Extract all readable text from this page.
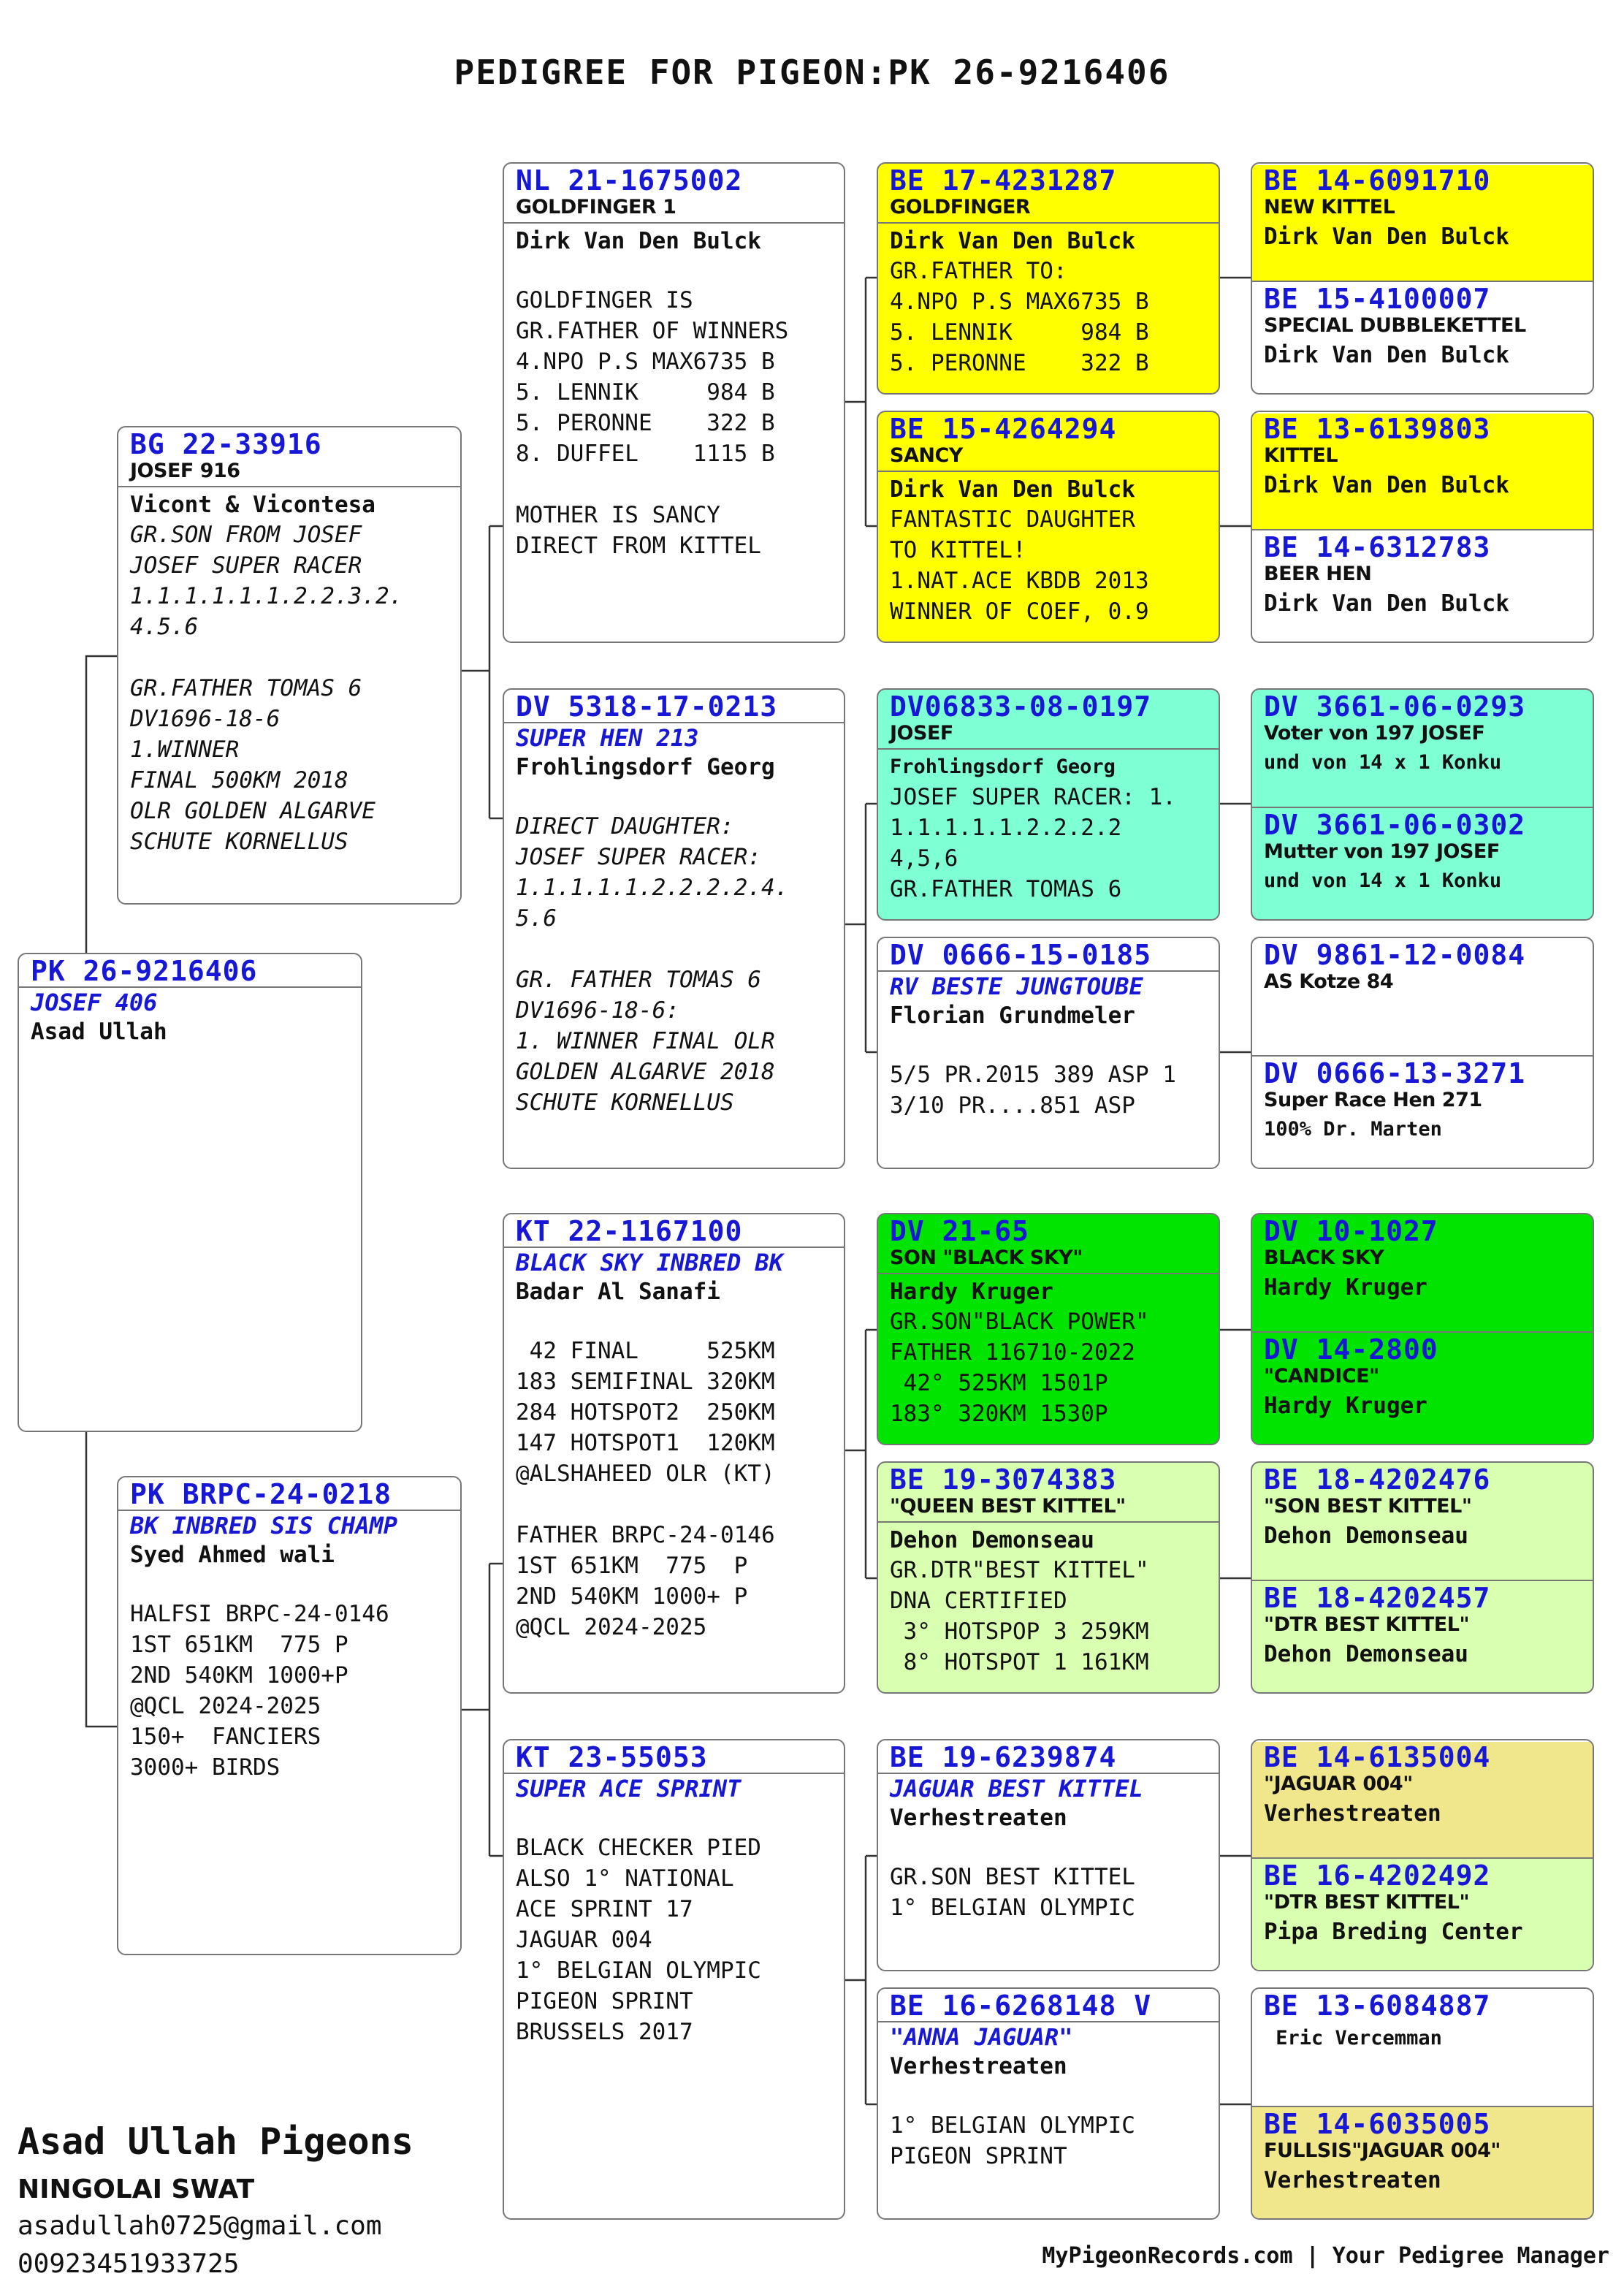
PEDIGREE FOR PIGEON:PK 26-9216406
PK 26-9216406
JOSEF 406
Asad Ullah
BG 22-33916
JOSEF 916
Vicont & Vicontesa
GR.SON FROM JOSEF
JOSEF SUPER RACER
1.1.1.1.1.1.2.2.3.2.
4.5.6

GR.FATHER TOMAS 6
DV1696-18-6
1.WINNER
FINAL 500KM 2018
OLR GOLDEN ALGARVE
SCHUTE KORNELLUS
PK BRPC-24-0218
BK INBRED SIS CHAMP
Syed Ahmed wali
HALFSI BRPC-24-0146
1ST 651KM  775 P
2ND 540KM 1000+P
@QCL 2024-2025
150+  FANCIERS
3000+ BIRDS
NL 21-1675002
GOLDFINGER 1
Dirk Van Den Bulck
GOLDFINGER IS
GR.FATHER OF WINNERS
4.NPO P.S MAX6735 B
5. LENNIK     984 B
5. PERONNE    322 B
8. DUFFEL    1115 B

MOTHER IS SANCY
DIRECT FROM KITTEL
DV 5318-17-0213
SUPER HEN 213
Frohlingsdorf Georg
DIRECT DAUGHTER:
JOSEF SUPER RACER:
1.1.1.1.1.2.2.2.2.4.
5.6

GR. FATHER TOMAS 6
DV1696-18-6:
1. WINNER FINAL OLR
GOLDEN ALGARVE 2018
SCHUTE KORNELLUS
KT 22-1167100
BLACK SKY INBRED BK
Badar Al Sanafi
42 FINAL     525KM
183 SEMIFINAL 320KM
284 HOTSPOT2  250KM
147 HOTSPOT1  120KM
@ALSHAHEED OLR (KT)

FATHER BRPC-24-0146
1ST 651KM  775  P
2ND 540KM 1000+ P
@QCL 2024-2025
KT 23-55053
SUPER ACE SPRINT
BLACK CHECKER PIED
ALSO 1° NATIONAL
ACE SPRINT 17
JAGUAR 004
1° BELGIAN OLYMPIC
PIGEON SPRINT
BRUSSELS 2017
BE 17-4231287
GOLDFINGER
Dirk Van Den Bulck
GR.FATHER TO:
4.NPO P.S MAX6735 B
5. LENNIK     984 B
5. PERONNE    322 B
BE 15-4264294
SANCY
Dirk Van Den Bulck
FANTASTIC DAUGHTER
TO KITTEL!
1.NAT.ACE KBDB 2013
WINNER OF COEF, 0.9
DV06833-08-0197
JOSEF
Frohlingsdorf Georg
JOSEF SUPER RACER: 1.
1.1.1.1.1.2.2.2.2
4,5,6
GR.FATHER TOMAS 6
DV 0666-15-0185
RV BESTE JUNGTOUBE
Florian Grundmeler
5/5 PR.2015 389 ASP 1
3/10 PR....851 ASP
DV 21-65
SON "BLACK SKY"
Hardy Kruger
GR.SON"BLACK POWER"
FATHER 116710-2022
42° 525KM 1501P
183° 320KM 1530P
BE 19-3074383
"QUEEN BEST KITTEL"
Dehon Demonseau
GR.DTR"BEST KITTEL"
DNA CERTIFIED
3° HOTSPOP 3 259KM
8° HOTSPOT 1 161KM
BE 19-6239874
JAGUAR BEST KITTEL
Verhestreaten
GR.SON BEST KITTEL
1° BELGIAN OLYMPIC
BE 16-6268148 V
"ANNA JAGUAR"
Verhestreaten
1° BELGIAN OLYMPIC
PIGEON SPRINT
BE 14-6091710
NEW KITTEL
Dirk Van Den Bulck
BE 15-4100007
SPECIAL DUBBLEKETTEL
Dirk Van Den Bulck
BE 13-6139803
KITTEL
Dirk Van Den Bulck
BE 14-6312783
BEER HEN
Dirk Van Den Bulck
DV 3661-06-0293
Voter von 197 JOSEF
und von 14 x 1 Konku
DV 3661-06-0302
Mutter von 197 JOSEF
und von 14 x 1 Konku
DV 9861-12-0084
AS Kotze 84
DV 0666-13-3271
Super Race Hen 271
100% Dr. Marten
DV 10-1027
BLACK SKY
Hardy Kruger
DV 14-2800
"CANDICE"
Hardy Kruger
BE 18-4202476
"SON BEST KITTEL"
Dehon Demonseau
BE 18-4202457
"DTR BEST KITTEL"
Dehon Demonseau
BE 14-6135004
"JAGUAR 004"
Verhestreaten
BE 16-4202492
"DTR BEST KITTEL"
Pipa Breding Center
BE 13-6084887
Eric Vercemman
BE 14-6035005
FULLSIS"JAGUAR 004"
Verhestreaten
Asad Ullah Pigeons
NINGOLAI SWAT
asadullah0725@gmail.com
00923451933725	MyPigeonRecords.com | Your Pedigree Manager
